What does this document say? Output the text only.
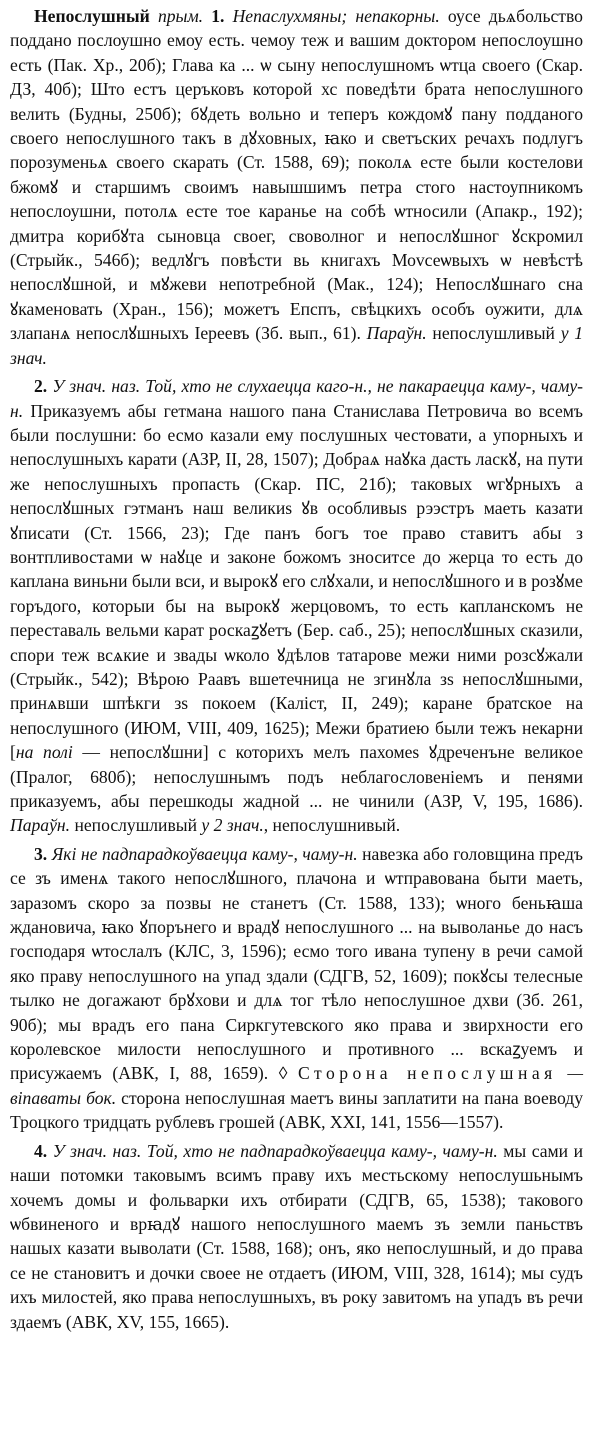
Непослушный прым. 1. Непаслухмяны; непакорны. оусе дьѧбольство поддано послоушно емоу есть. чемоу теж и вашим доктором непослоушно есть (Пак. Хр., 20б); Глава ка ... ѡ сыну непослушномъ ѡтца своего (Скар. ДЗ, 40б); Што естъ церъковъ которой хс поведѣти брата непослушного велить (Будны, 250б); бꙋдеть вольно и теперъ кождомꙋ пану подданого своего непослушного такъ в дꙋховных, ꙗко и светъских речахъ подлугъ порозуменьѧ своего скарать (Ст. 1588, 69); поколѧ есте были костелови бжомꙋ и старшимъ своимъ навышшимъ петра стого настоупникомъ непослоушни, потолѧ есте тое каранье на собѣ ѡтносили (Апакр., 192); дмитра корибꙋта сыновца своег, своволног и непослꙋшног ꙋскромил (Стрыйк., 546б); ведлꙋгъ повѣсти вь книгахъ Моvсеѡвыхъ ѡ невѣстѣ непослꙋшной, и мꙋжеви непотребной (Мак., 124); Непослꙋшнаго сна ꙋкаменовать (Хран., 156); можетъ Епспъ, свѣцкихъ особъ оужити, длѧ злапанѧ непослꙋшныхъ Іереевъ (Зб. вып., 61). Параўн. непослушливый у 1 знач.

2. У знач. наз. Той, хто не слухаецца каго-н., не пакараецца каму-, чаму-н. Приказуемъ абы гетмана нашого пана Станислава Петровича во всемъ были послушни: бо есмо казали ему послушных честовати, а упорныхъ и непослушныхъ карати (АЗР, II, 28, 1507); Добраѧ наꙋка дасть ласкꙋ, на пути же непослушныхъ пропасть (Скар. ПС, 21б); таковых ѡгꙋрныхъ а непослꙋшных гэтманъ наш великиѕ ꙋв особливыѕ рээстръ маеть казати ꙋписати (Ст. 1566, 23); Где панъ богъ тое право ставитъ абы з вонтпливостами ѡ наꙋце и законе божомъ зноситсе до жерца то есть до каплана виньни были вси, и вырокꙋ его слꙋхали, и непослꙋшного и в розꙋме горъдого, которыи бы на вырокꙋ жерцовомъ, то есть капланскомъ не переставаль вельми карат роскаꙁꙋетъ (Бер. саб., 25); непослꙋшных сказили, спори теж всѧкие и звады ѡколо ꙋдѣлов татарове межи ними розсꙋжали (Стрыйк., 542); Вѣрою Раавъ вшетечница не згинꙋла зѕ непослꙋшными, принѧвши шпѣкги зѕ покоем (Каліст, II, 249); каране братское на непослушного (ИЮМ, VIII, 409, 1625); Межи братиею были тежъ некарни [на полі — непослꙋшни] с которихъ мелъ пахомеѕ ꙋдреченъне великое (Пралог, 680б); непослушнымъ подъ неблагословеніемъ и пенями приказуемъ, абы перешкоды жадной ... не чинили (АЗР, V, 195, 1686). Параўн. непослушливый у 2 знач., непослушнивый.

3. Які не падпарадкоўваецца каму-, чаму-н. навезка або головщина предъ се зъ именѧ такого непослꙋшного, плачона и ѡтправована быти маеть, заразомъ скоро за позвы не станетъ (Ст. 1588, 133); ѡного беньꙗша ждановича, ꙗко ꙋпорънего и врадꙋ непослушного ... на выволанье до насъ господаря ѡтослалъ (КЛС, 3, 1596); есмо того ивана тупену в речи самой яко праву непослушного на упад здали (СДГВ, 52, 1609); покꙋсы телесные тылко не догажают брꙋхови и длѧ тог тѣло непослушное дхви (Зб. 261, 90б); мы врадъ его пана Сиркгутевского яко права и звирхности его королевское милости непослушного и противного ... вскаꙁуемъ и присужаемъ (АВК, I, 88, 1659). ◊ Сторона непослушная — віnаваты бок. сторона непослушная маетъ вины заплатити на пана воеводу Троцкого тридцать рублевъ грошей (АВК, XXI, 141, 1556—1557).

4. У знач. наз. Той, хто не падпарадкоўваецца каму-, чаму-н. мы сами и наши потомки таковымъ всимъ праву ихъ местьскому непослушьнымъ хочемъ домы и фольварки ихъ отбирати (СДГВ, 65, 1538); такового ѡбвиненого и врꙗдꙋ нашого непослушного маемъ зъ земли паньствъ нашых казати выволати (Ст. 1588, 168); онъ, яко непослушный, и до права се не становитъ и дочки своее не отдаетъ (ИЮМ, VIII, 328, 1614); мы судъ ихъ милостей, яко права непослушныхъ, въ року завитомъ на упадъ въ речи здаемъ (АВК, XV, 155, 1665).
